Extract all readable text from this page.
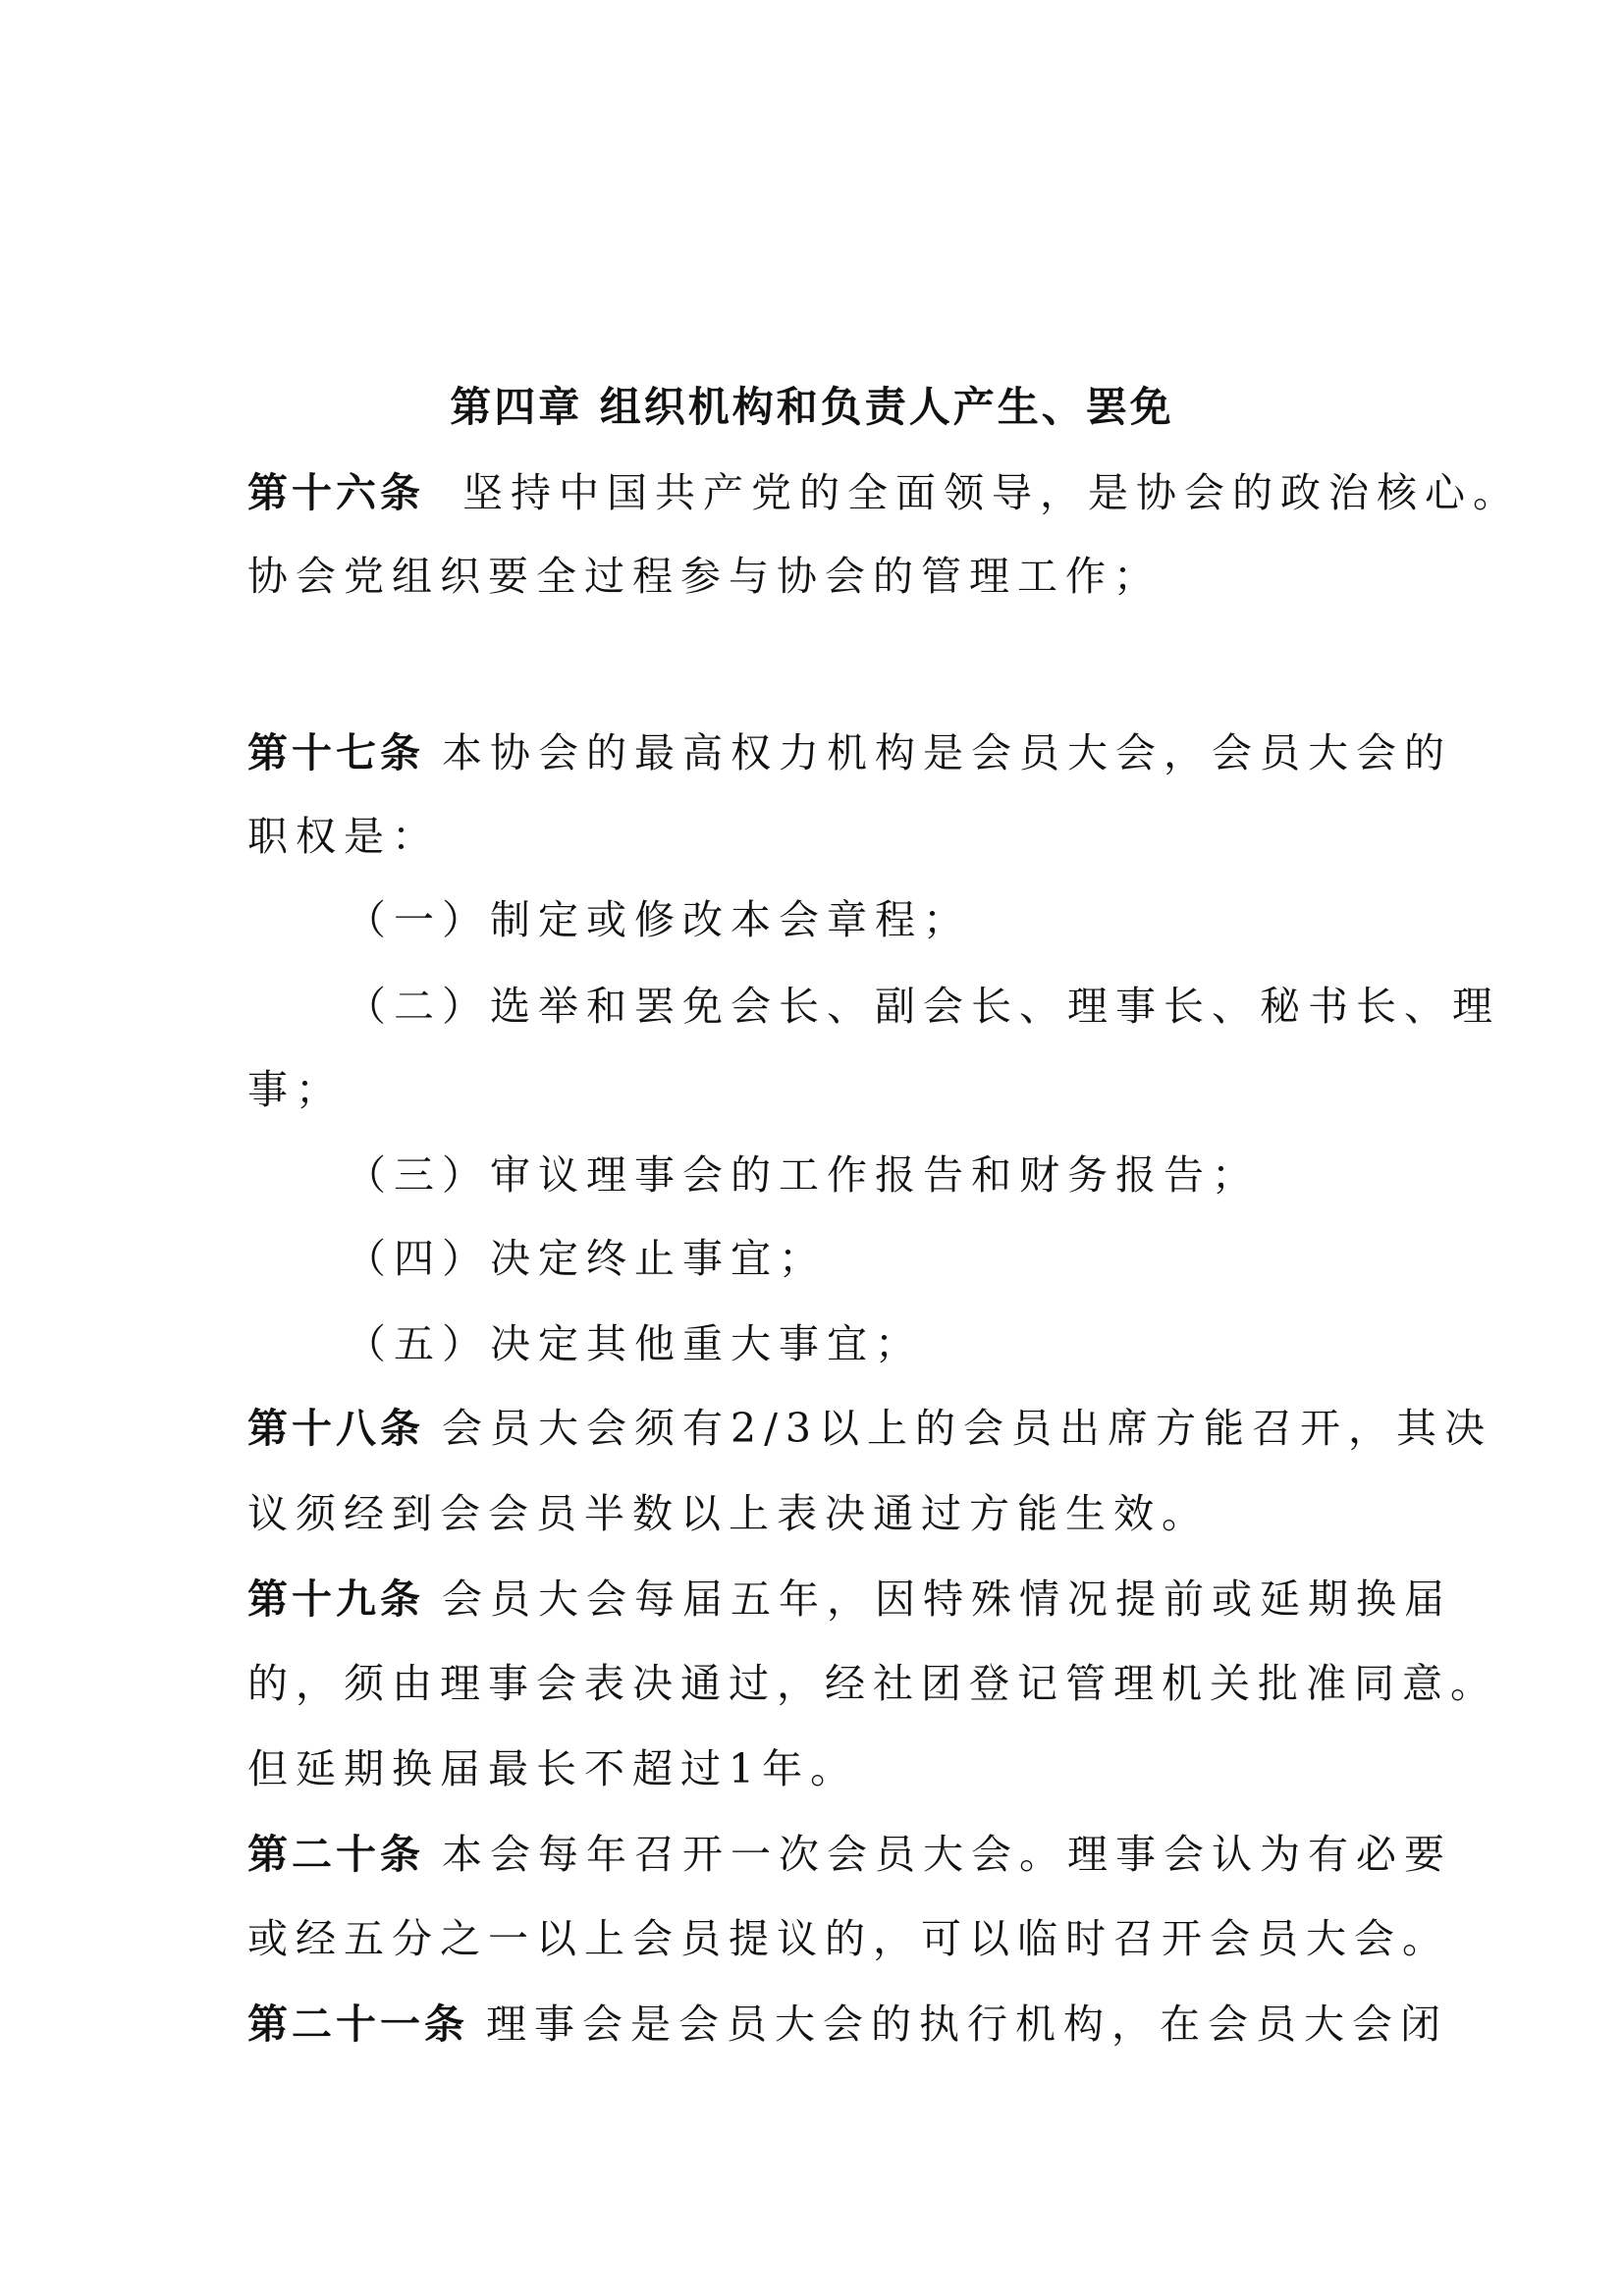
第四章 组织机构和负责人产生、罢免
第十六条 坚持中国共产党的全面领导，是协会的政治核心。
协会党组织要全过程参与协会的管理工作；
第十七条 本协会的最高权力机构是会员大会，会员大会的
职权是：
（一）制定或修改本会章程；
（二）选举和罢免会长、副会长、理事长、秘书长、理
事；
（三）审议理事会的工作报告和财务报告；
（四）决定终止事宜；
（五）决定其他重大事宜；
第十八条 会员大会须有2/3以上的会员出席方能召开，其决
议须经到会会员半数以上表决通过方能生效。
第十九条 会员大会每届五年，因特殊情况提前或延期换届
的，须由理事会表决通过，经社团登记管理机关批准同意。
但延期换届最长不超过1年。
第二十条 本会每年召开一次会员大会。理事会认为有必要
或经五分之一以上会员提议的，可以临时召开会员大会。
第二十一条 理事会是会员大会的执行机构，在会员大会闭
